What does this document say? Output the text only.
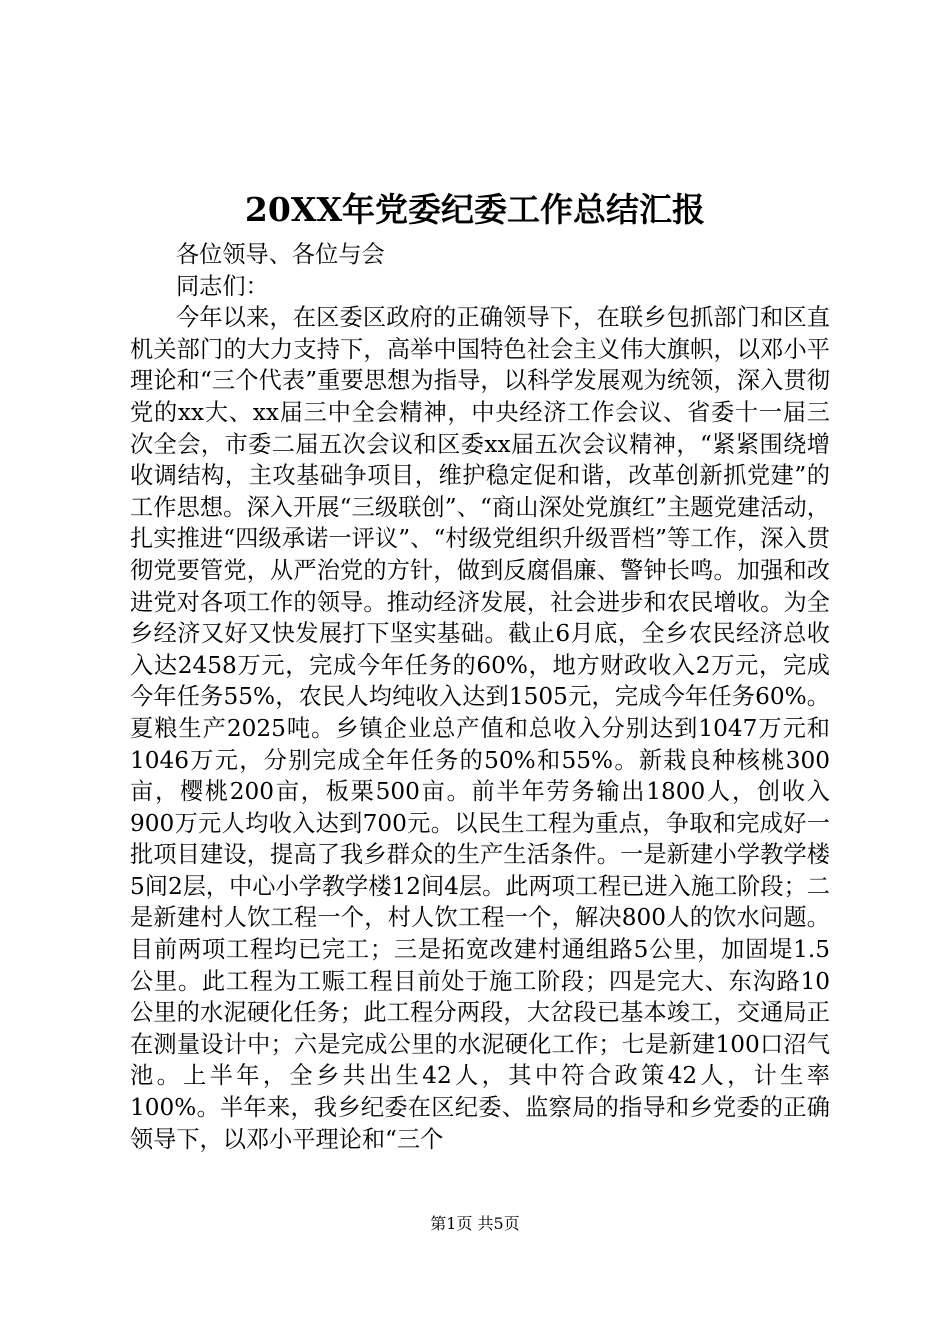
20XX年党委纪委工作总结汇报

各位领导、各位与会

同志们：

今年以来，在区委区政府的正确领导下，在联乡包抓部门和区直机关部门的大力支持下，高举中国特色社会主义伟大旗帜，以邓小平理论和“三个代表”重要思想为指导，以科学发展观为统领，深入贯彻党的xx大、xx届三中全会精神，中央经济工作会议、省委十一届三次全会，市委二届五次会议和区委xx届五次会议精神，“紧紧围绕增收调结构，主攻基础争项目，维护稳定促和谐，改革创新抓党建”的工作思想。深入开展“三级联创”、“商山深处党旗红”主题党建活动，扎实推进“四级承诺一评议”、“村级党组织升级晋档”等工作，深入贯彻党要管党，从严治党的方针，做到反腐倡廉、警钟长鸣。加强和改进党对各项工作的领导。推动经济发展，社会进步和农民增收。为全乡经济又好又快发展打下坚实基础。截止6月底，全乡农民经济总收入达2458万元，完成今年任务的60%，地方财政收入2万元，完成今年任务55%，农民人均纯收入达到1505元，完成今年任务60%。夏粮生产2025吨。乡镇企业总产值和总收入分别达到1047万元和1046万元，分别完成全年任务的50%和55%。新栽良种核桃300亩，樱桃200亩，板栗500亩。前半年劳务输出1800人，创收入900万元人均收入达到700元。以民生工程为重点，争取和完成好一批项目建设，提高了我乡群众的生产生活条件。一是新建小学教学楼5间2层，中心小学教学楼12间4层。此两项工程已进入施工阶段；二是新建村人饮工程一个，村人饮工程一个，解决800人的饮水问题。目前两项工程均已完工；三是拓宽改建村通组路5公里，加固堤1.5公里。此工程为工赈工程目前处于施工阶段；四是完大、东沟路10公里的水泥硬化任务；此工程分两段，大岔段已基本竣工，交通局正在测量设计中；六是完成公里的水泥硬化工作；七是新建100口沼气池。上半年，全乡共出生42人，其中符合政策42人，计生率100%。半年来，我乡纪委在区纪委、监察局的指导和乡党委的正确领导下，以邓小平理论和“三个

第1页 共5页
